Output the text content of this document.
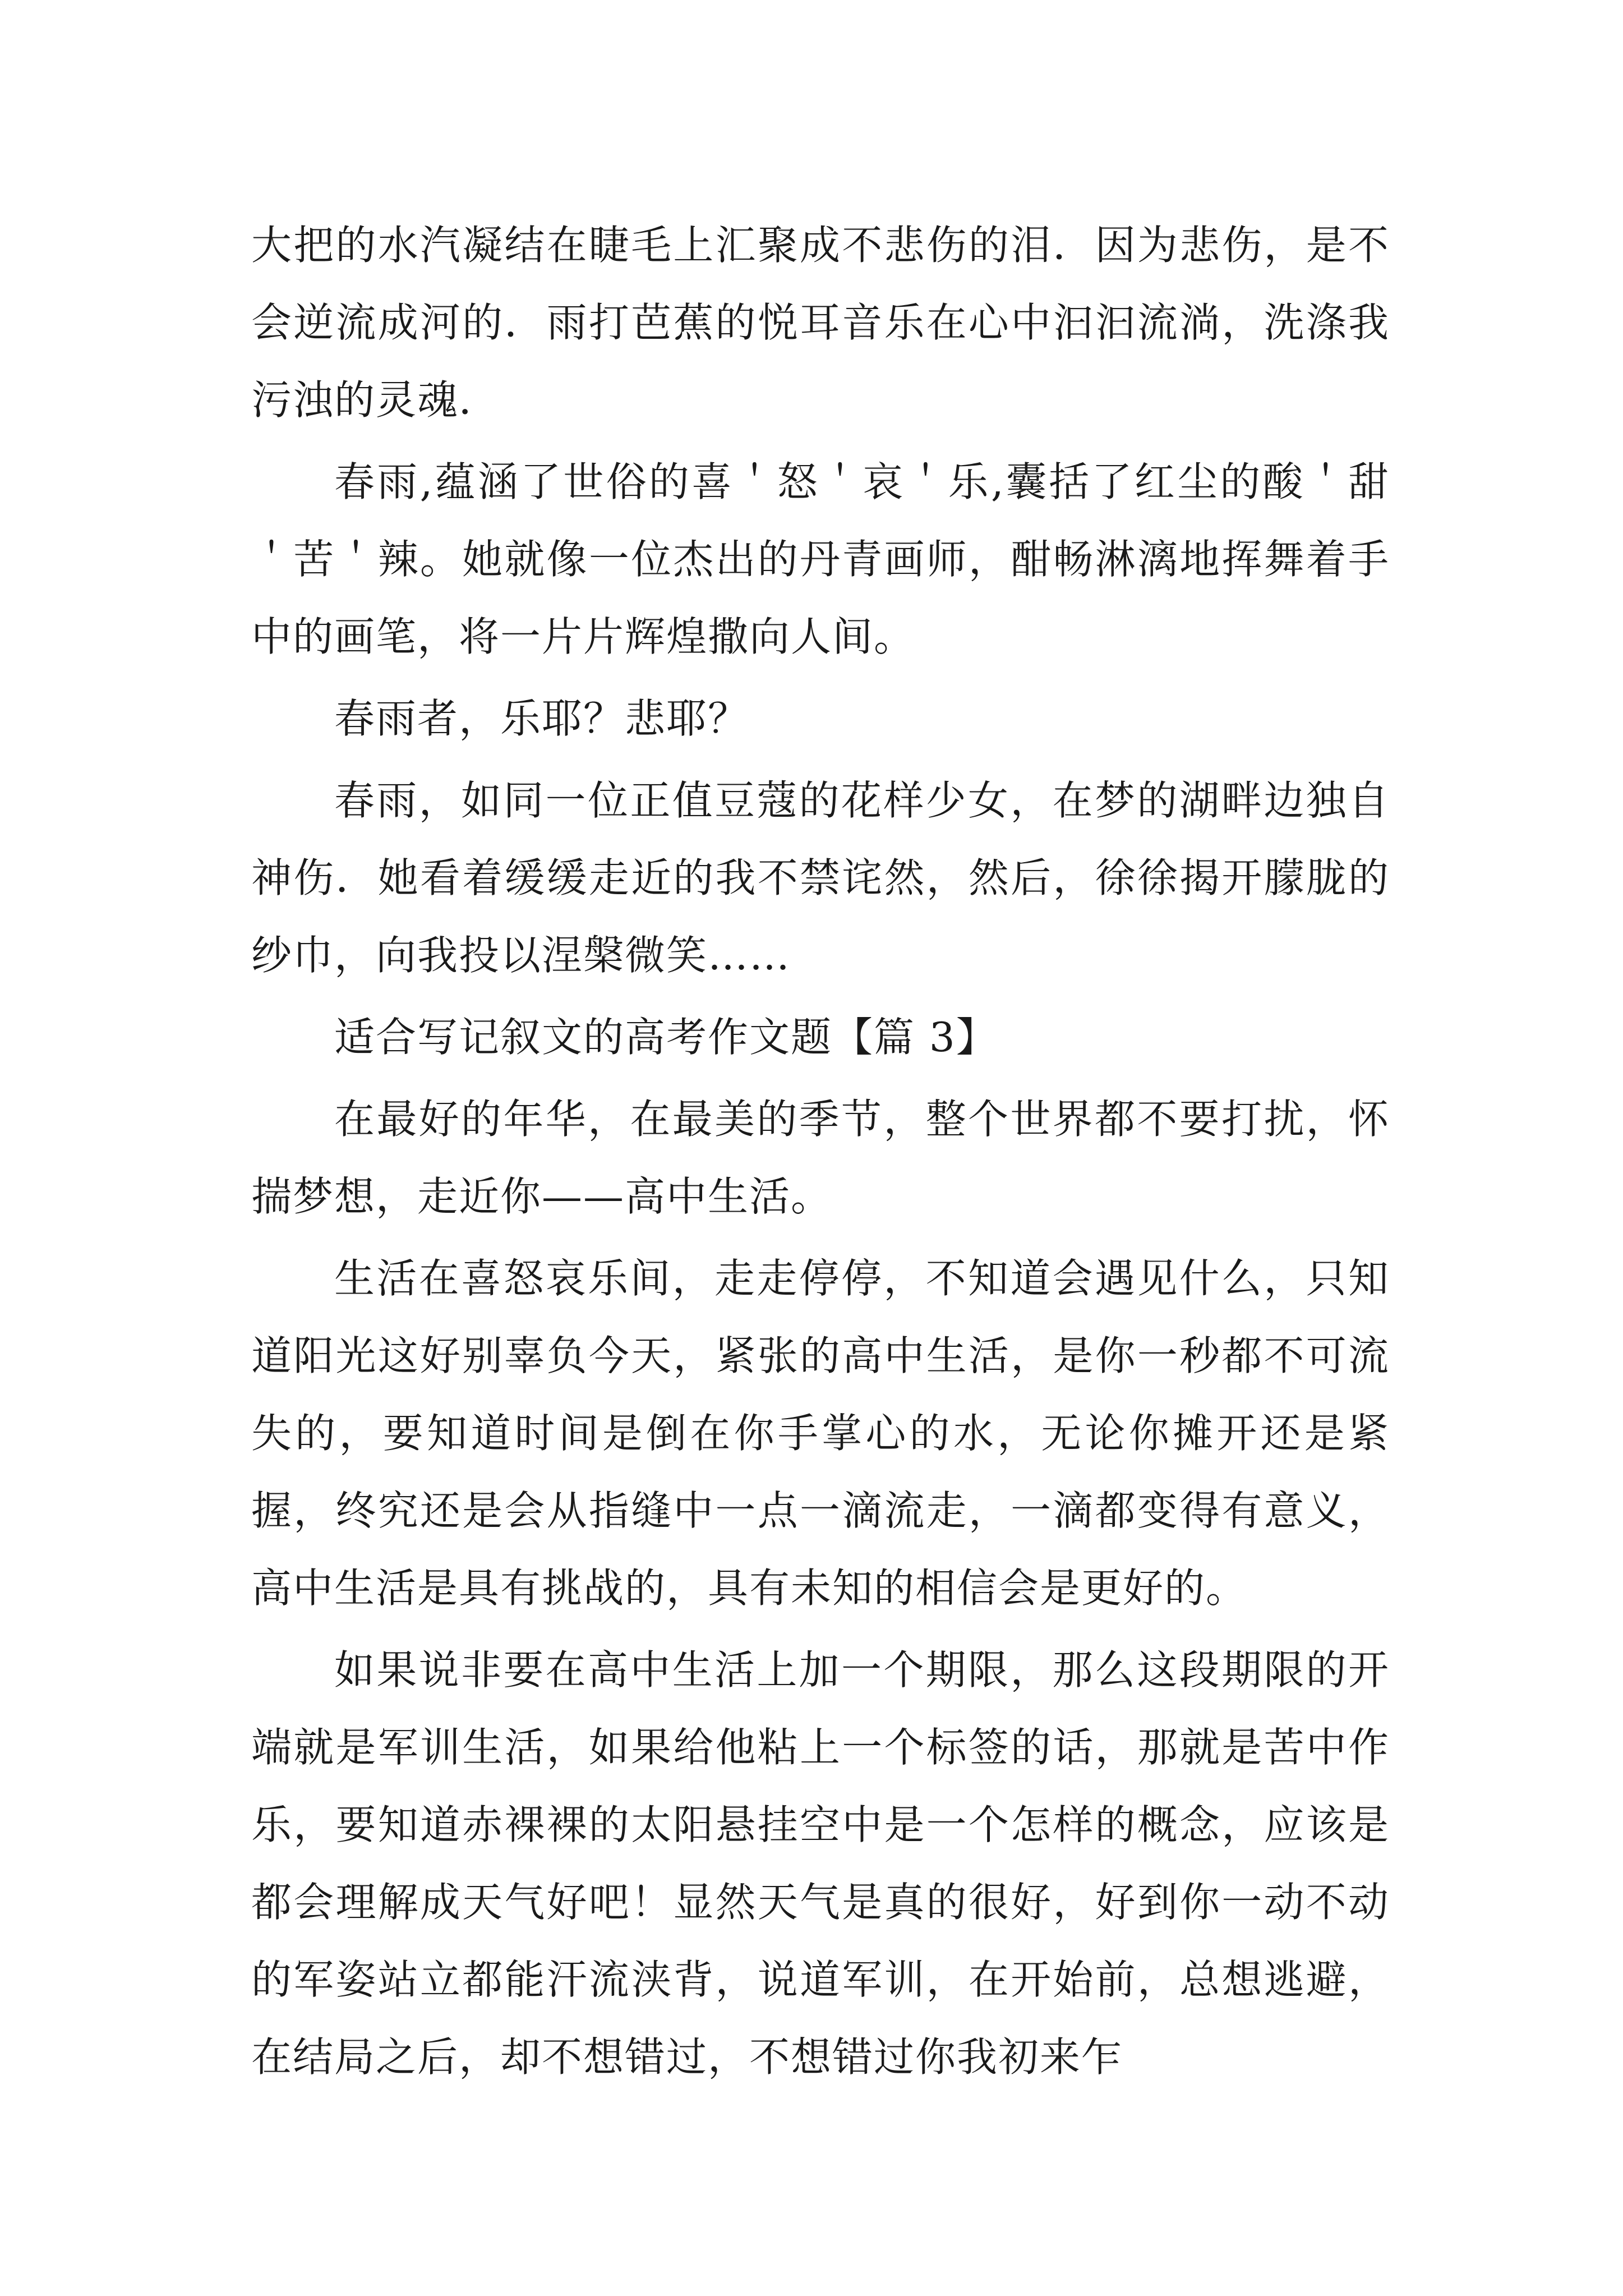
大把的水汽凝结在睫毛上汇聚成不悲伤的泪．因为悲伤，是不会逆流成河的．雨打芭蕉的悦耳音乐在心中汩汩流淌，洗涤我污浊的灵魂．

春雨,蕴涵了世俗的喜＇怒＇哀＇乐,囊括了红尘的酸＇甜＇苦＇辣。她就像一位杰出的丹青画师，酣畅淋漓地挥舞着手中的画笔，将一片片辉煌撒向人间。

春雨者，乐耶？悲耶？

春雨，如同一位正值豆蔻的花样少女，在梦的湖畔边独自神伤．她看着缓缓走近的我不禁诧然，然后，徐徐揭开朦胧的纱巾，向我投以涅槃微笑……

适合写记叙文的高考作文题【篇 3】

在最好的年华，在最美的季节，整个世界都不要打扰，怀揣梦想，走近你——高中生活。

生活在喜怒哀乐间，走走停停，不知道会遇见什么，只知道阳光这好别辜负今天，紧张的高中生活，是你一秒都不可流失的，要知道时间是倒在你手掌心的水，无论你摊开还是紧握，终究还是会从指缝中一点一滴流走，一滴都变得有意义，高中生活是具有挑战的，具有未知的相信会是更好的。

如果说非要在高中生活上加一个期限，那么这段期限的开端就是军训生活，如果给他粘上一个标签的话，那就是苦中作乐，要知道赤裸裸的太阳悬挂空中是一个怎样的概念，应该是都会理解成天气好吧！显然天气是真的很好，好到你一动不动的军姿站立都能汗流浃背，说道军训，在开始前，总想逃避，在结局之后，却不想错过，不想错过你我初来乍
